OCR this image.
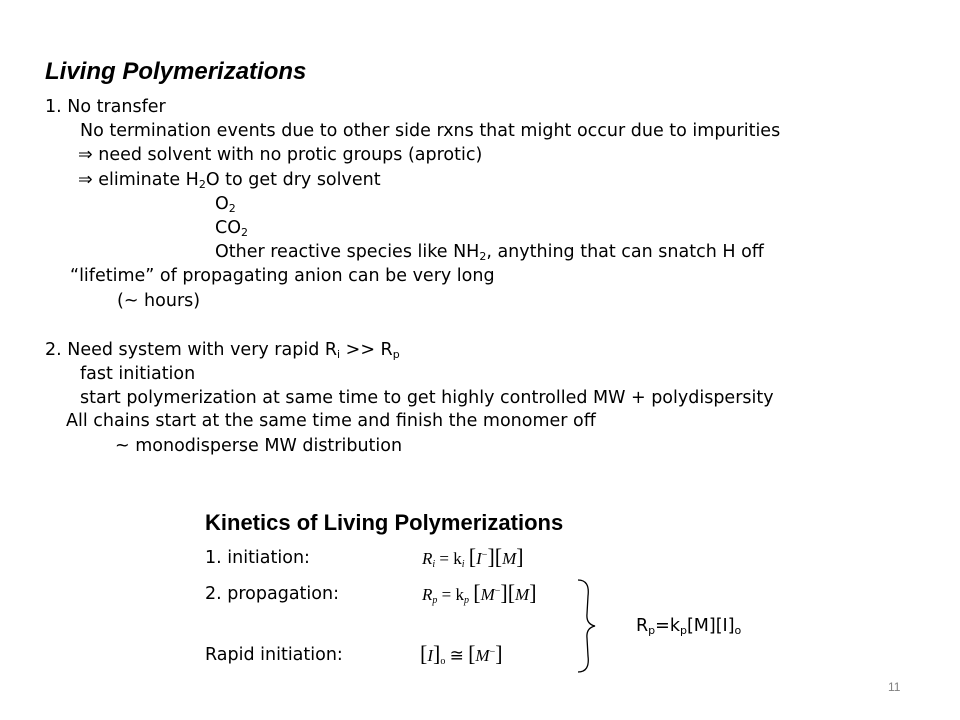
Living Polymerizations
1. No transfer
No termination events due to other side rxns that might occur due to impurities
⇒ need solvent with no protic groups (aprotic)
⇒ eliminate $H_2O$ to get dry solvent
$O_2$
$CO_2$
Other reactive species like $NH_2$, anything that can snatch H off
“lifetime” of propagating anion can be very long
(~ hours)
2. Need system with very rapid $R_i >> R_p$
fast initiation
start polymerization at same time to get highly controlled MW + polydispersity
All chains start at the same time and finish the monomer off
~ monodisperse MW distribution
Kinetics of Living Polymerizations
1. initiation:
2. propagation:
Rapid initiation:
$R_i = k_i$ [I−][M]
$R_p = k_p$ [M−][M]
$[I]_o$ ≅ [M−]
$R_p=k_p[M][I]_o$
11
